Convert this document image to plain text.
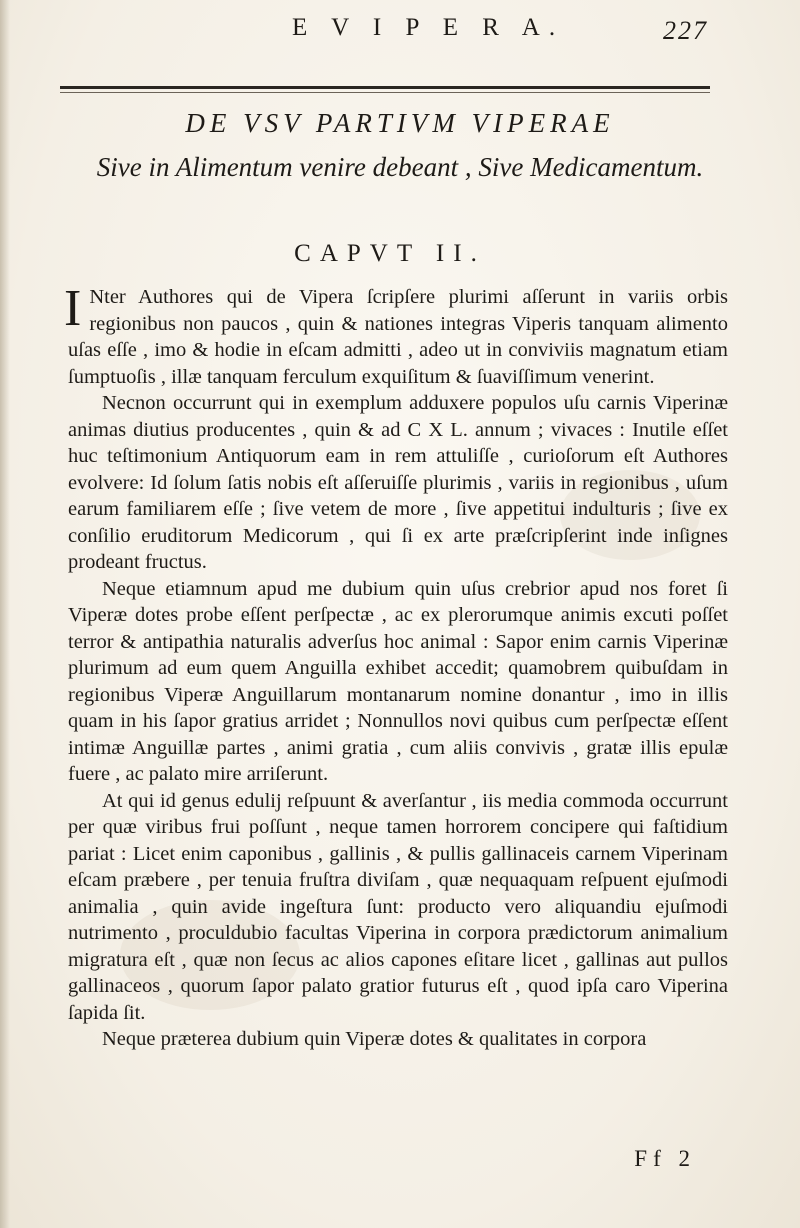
E V I P E R A.	227
DE VSV PARTIVM VIPERAE
Sive in Alimentum venire debeant , Sive Medicamentum.
CAPVT II.

I Nter Authores qui de Vipera ſcripſere plurimi aſſerunt in variis orbis regionibus non paucos , quin & nationes integras Viperis tanquam alimento uſas eſſe , imo & hodie in eſcam admitti , adeo ut in conviviis magnatum etiam ſumptuoſis , illæ tanquam ferculum exquiſitum & ſuaviſſimum venerint.

Necnon occurrunt qui in exemplum adduxere populos uſu carnis Viperinæ animas diutius producentes , quin & ad C X L. annum ; vivaces : Inutile eſſet huc teſtimonium Antiquorum eam in rem attuliſſe , curioſorum eſt Authores evolvere: Id ſolum ſatis nobis eſt aſſeruiſſe plurimis , variis in regionibus , uſum earum familiarem eſſe ; ſive vetem de more , ſive appetitui indulturis ; ſive ex conſilio eruditorum Medicorum , qui ſi ex arte præſcripſerint inde inſignes prodeant fructus.

Neque etiamnum apud me dubium quin uſus crebrior apud nos foret ſi Viperæ dotes probe eſſent perſpectæ , ac ex plerorumque animis excuti poſſet terror & antipathia naturalis adverſus hoc animal : Sapor enim carnis Viperinæ plurimum ad eum quem Anguilla exhibet accedit; quamobrem quibuſdam in regionibus Viperæ Anguillarum montanarum nomine donantur , imo in illis quam in his ſapor gratius arridet ; Nonnullos novi quibus cum perſpectæ eſſent intimæ Anguillæ partes , animi gratia , cum aliis convivis , gratæ illis epulæ fuere , ac palato mire arriſerunt.

At qui id genus edulij reſpuunt & averſantur , iis media commoda occurrunt per quæ viribus frui poſſunt , neque tamen horrorem concipere qui faſtidium pariat : Licet enim caponibus , gallinis , & pullis gallinaceis carnem Viperinam eſcam præbere , per tenuia fruſtra diviſam , quæ nequaquam reſpuent ejuſmodi animalia , quin avide ingeſtura ſunt: producto vero aliquandiu ejuſmodi nutrimento , proculdubio facultas Viperina in corpora prædictorum animalium migratura eſt , quæ non ſecus ac alios capones eſitare licet , gallinas aut pullos gallinaceos , quorum ſapor palato gratior futurus eſt , quod ipſa caro Viperina ſapida ſit.

Neque præterea dubium quin Viperæ dotes & qualitates in corpora

Ff 2
